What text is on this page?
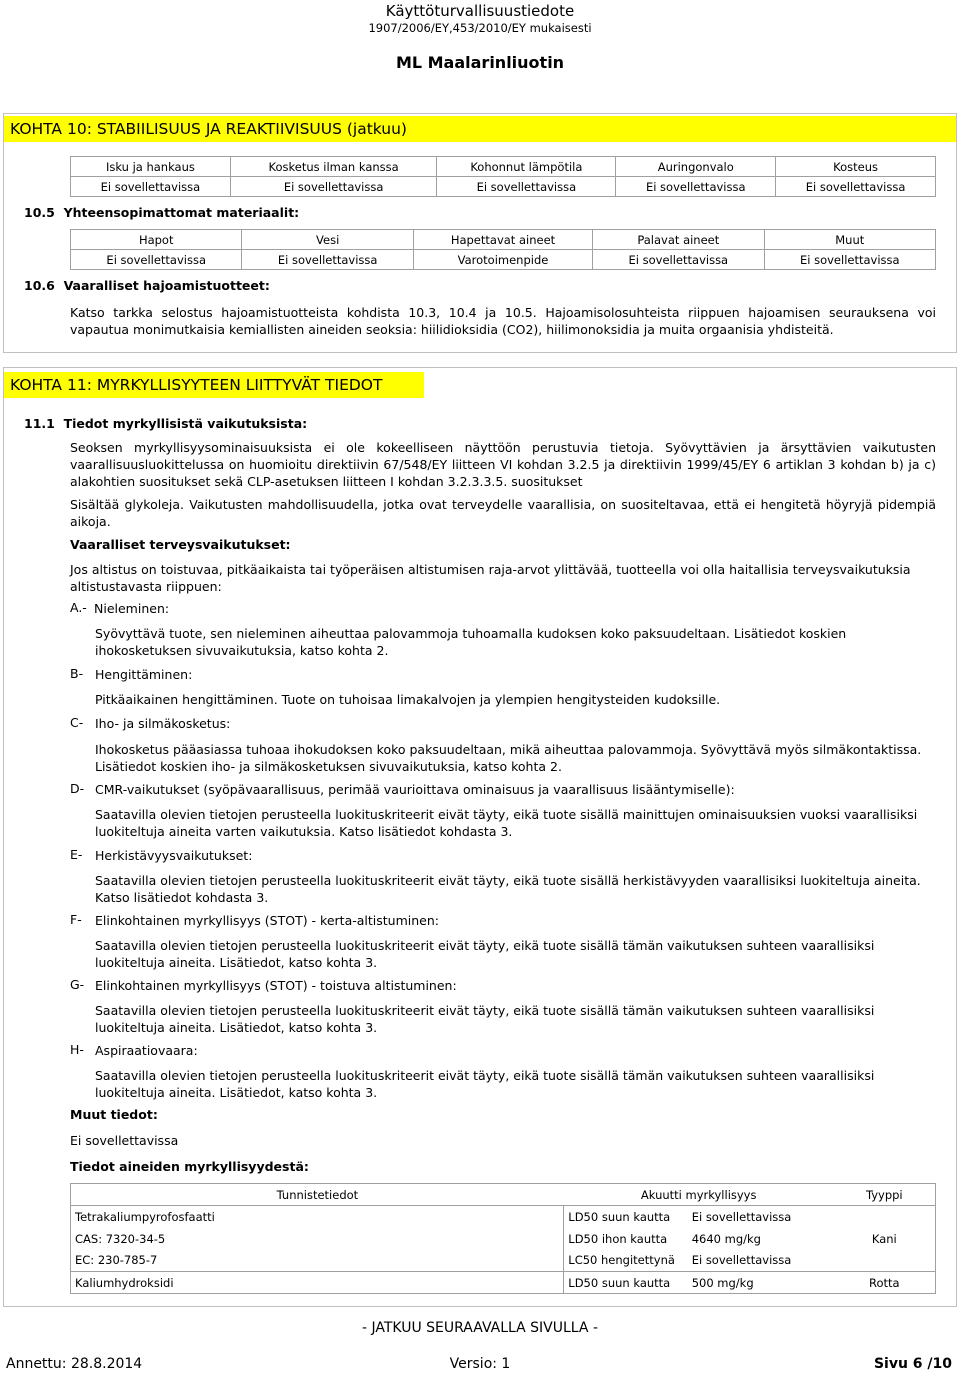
Käyttöturvallisuustiedote
1907/2006/EY,453/2010/EY mukaisesti
ML Maalarinliuotin
KOHTA 10: STABIILISUUS JA REAKTIIVISUUS (jatkuu)
Isku ja hankaus	Kosketus ilman kanssa	Kohonnut lämpötila	Auringonvalo	Kosteus
Ei sovellettavissa	Ei sovellettavissa	Ei sovellettavissa	Ei sovellettavissa	Ei sovellettavissa
10.5 Yhteensopimattomat materiaalit:
Hapot	Vesi	Hapettavat aineet	Palavat aineet	Muut
Ei sovellettavissa	Ei sovellettavissa	Varotoimenpide	Ei sovellettavissa	Ei sovellettavissa
10.6 Vaaralliset hajoamistuotteet:
Katso tarkka selostus hajoamistuotteista kohdista 10.3, 10.4 ja 10.5. Hajoamisolosuhteista riippuen hajoamisen seurauksena voi vapautua monimutkaisia kemiallisten aineiden seoksia: hiilidioksidia (CO2), hiilimonoksidia ja muita orgaanisia yhdisteitä.
KOHTA 11: MYRKYLLISYYTEEN LIITTYVÄT TIEDOT
11.1 Tiedot myrkyllisistä vaikutuksista:
Seoksen myrkyllisyysominaisuuksista ei ole kokeelliseen näyttöön perustuvia tietoja. Syövyttävien ja ärsyttävien vaikutusten vaarallisuusluokittelussa on huomioitu direktiivin 67/548/EY liitteen VI kohdan 3.2.5 ja direktiivin 1999/45/EY 6 artiklan 3 kohdan b) ja c) alakohtien suositukset sekä CLP-asetuksen liitteen I kohdan 3.2.3.3.5. suositukset
Sisältää glykoleja. Vaikutusten mahdollisuudella, jotka ovat terveydelle vaarallisia, on suositeltavaa, että ei hengitetä höyryjä pidempiä aikoja.
Vaaralliset terveysvaikutukset:
Jos altistus on toistuvaa, pitkäaikaista tai työperäisen altistumisen raja-arvot ylittävää, tuotteella voi olla haitallisia terveysvaikutuksia altistustavasta riippuen:
A.- Nieleminen:
Syövyttävä tuote, sen nieleminen aiheuttaa palovammoja tuhoamalla kudoksen koko paksuudeltaan. Lisätiedot koskien ihokosketuksen sivuvaikutuksia, katso kohta 2.
B- Hengittäminen:
Pitkäaikainen hengittäminen. Tuote on tuhoisaa limakalvojen ja ylempien hengitysteiden kudoksille.
C- Iho- ja silmäkosketus:
Ihokosketus pääasiassa tuhoaa ihokudoksen koko paksuudeltaan, mikä aiheuttaa palovammoja. Syövyttävä myös silmäkontaktissa. Lisätiedot koskien iho- ja silmäkosketuksen sivuvaikutuksia, katso kohta 2.
D- CMR-vaikutukset (syöpävaarallisuus, perimää vaurioittava ominaisuus ja vaarallisuus lisääntymiselle):
Saatavilla olevien tietojen perusteella luokituskriteerit eivät täyty, eikä tuote sisällä mainittujen ominaisuuksien vuoksi vaarallisiksi luokiteltuja aineita varten vaikutuksia. Katso lisätiedot kohdasta 3.
E- Herkistävyysvaikutukset:
Saatavilla olevien tietojen perusteella luokituskriteerit eivät täyty, eikä tuote sisällä herkistävyyden vaarallisiksi luokiteltuja aineita. Katso lisätiedot kohdasta 3.
F- Elinkohtainen myrkyllisyys (STOT) - kerta-altistuminen:
Saatavilla olevien tietojen perusteella luokituskriteerit eivät täyty, eikä tuote sisällä tämän vaikutuksen suhteen vaarallisiksi luokiteltuja aineita. Lisätiedot, katso kohta 3.
G- Elinkohtainen myrkyllisyys (STOT) - toistuva altistuminen:
Saatavilla olevien tietojen perusteella luokituskriteerit eivät täyty, eikä tuote sisällä tämän vaikutuksen suhteen vaarallisiksi luokiteltuja aineita. Lisätiedot, katso kohta 3.
H- Aspiraatiovaara:
Saatavilla olevien tietojen perusteella luokituskriteerit eivät täyty, eikä tuote sisällä tämän vaikutuksen suhteen vaarallisiksi luokiteltuja aineita. Lisätiedot, katso kohta 3.
Muut tiedot:
Ei sovellettavissa
Tiedot aineiden myrkyllisyydestä:
Tunnistetiedot	Akuutti myrkyllisyys		Tyyppi
Tetrakaliumpyrofosfaatti	LD50 suun kautta	Ei sovellettavissa	
CAS: 7320-34-5	LD50 ihon kautta	4640 mg/kg	Kani
EC: 230-785-7	LC50 hengitettynä	Ei sovellettavissa	
Kaliumhydroksidi	LD50 suun kautta	500 mg/kg	Rotta
- JATKUU SEURAAVALLA SIVULLA -
Annettu: 28.8.2014	Versio: 1	Sivu 6 /10
